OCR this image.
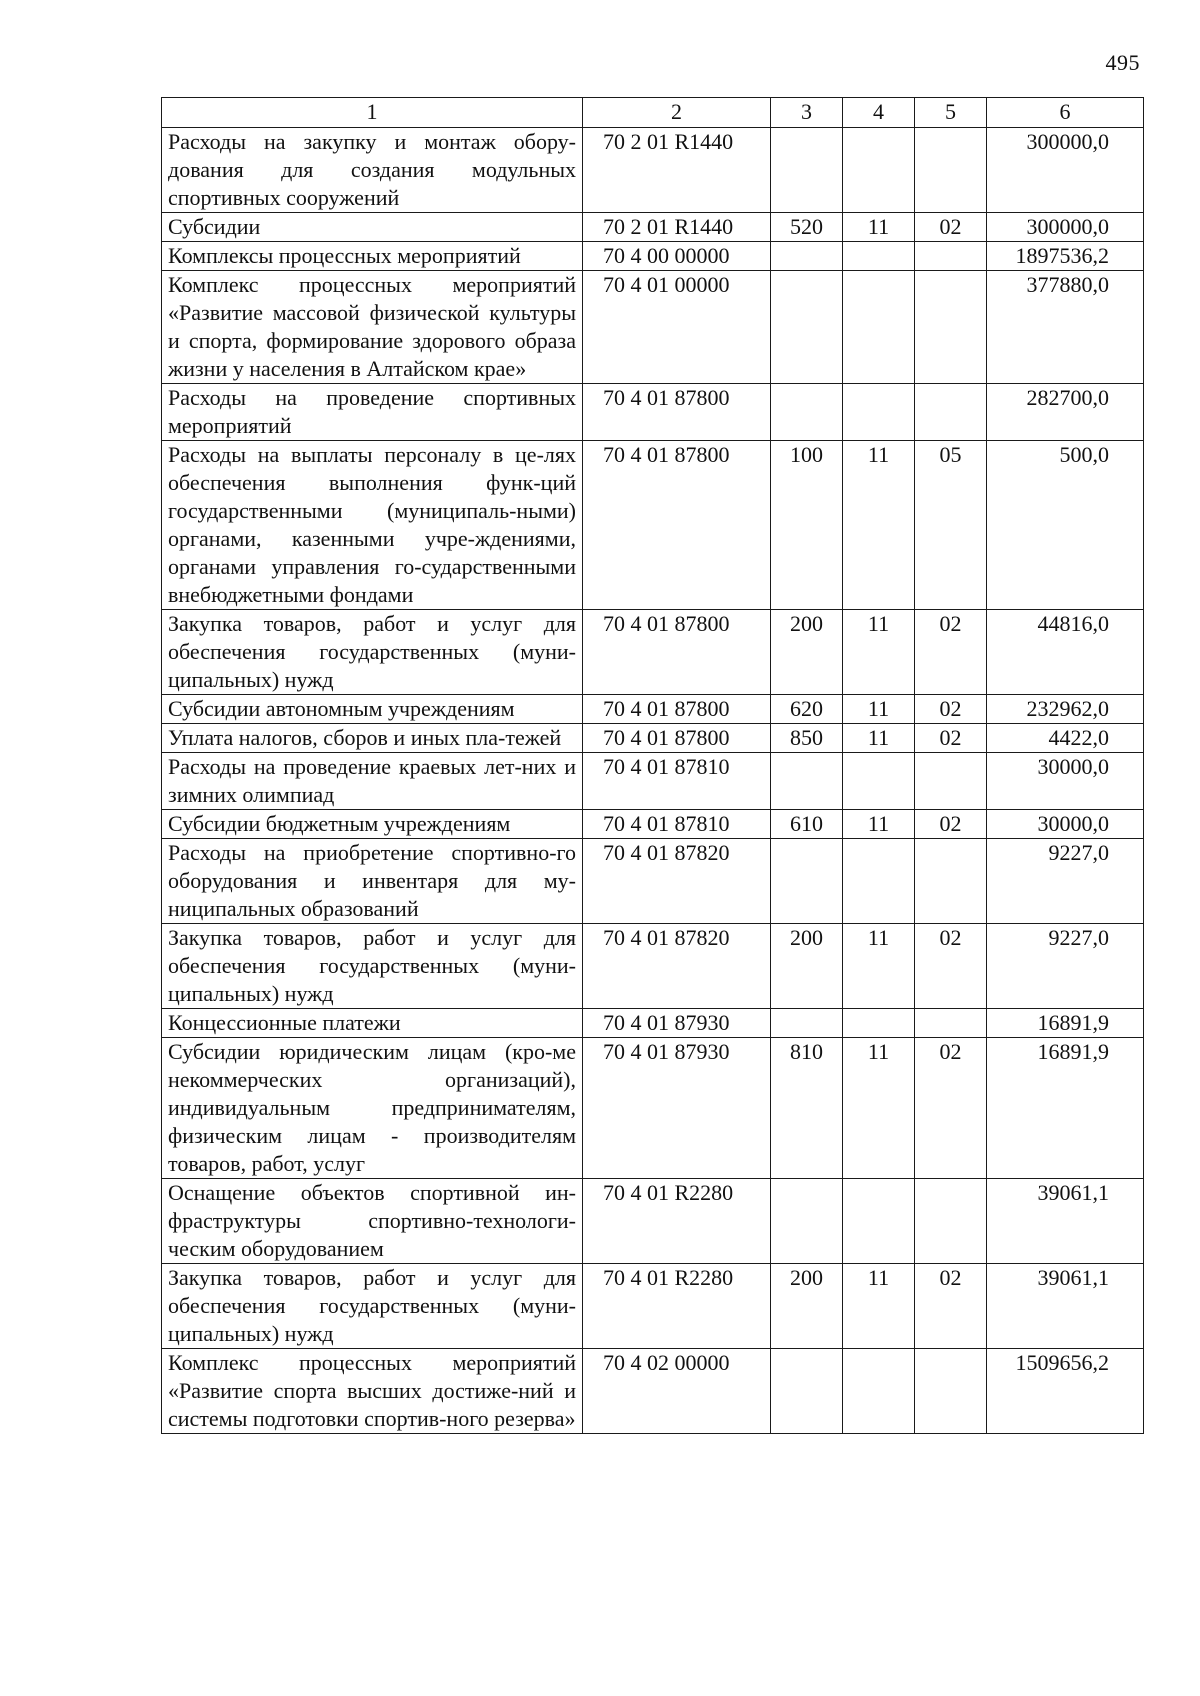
495
1	2	3	4	5	6
Расходы на закупку и монтаж обору-дования для создания модульных спортивных сооружений	70 2 01 R1440				300000,0
Субсидии	70 2 01 R1440	520	11	02	300000,0
Комплексы процессных мероприятий	70 4 00 00000				1897536,2
Комплекс процессных мероприятий «Развитие массовой физической культуры и спорта, формирование здорового образа жизни у населения в Алтайском крае»	70 4 01 00000				377880,0
Расходы на проведение спортивных мероприятий	70 4 01 87800				282700,0
Расходы на выплаты персоналу в це-лях обеспечения выполнения функ-ций государственными (муниципаль-ными) органами, казенными учре-ждениями, органами управления го-сударственными внебюджетными фондами	70 4 01 87800	100	11	05	500,0
Закупка товаров, работ и услуг для обеспечения государственных (муни-ципальных) нужд	70 4 01 87800	200	11	02	44816,0
Субсидии автономным учреждениям	70 4 01 87800	620	11	02	232962,0
Уплата налогов, сборов и иных пла-тежей	70 4 01 87800	850	11	02	4422,0
Расходы на проведение краевых лет-них и зимних олимпиад	70 4 01 87810				30000,0
Субсидии бюджетным учреждениям	70 4 01 87810	610	11	02	30000,0
Расходы на приобретение спортивно-го оборудования и инвентаря для му-ниципальных образований	70 4 01 87820				9227,0
Закупка товаров, работ и услуг для обеспечения государственных (муни-ципальных) нужд	70 4 01 87820	200	11	02	9227,0
Концессионные платежи	70 4 01 87930				16891,9
Субсидии юридическим лицам (кро-ме некоммерческих организаций), индивидуальным предпринимателям, физическим лицам - производителям товаров, работ, услуг	70 4 01 87930	810	11	02	16891,9
Оснащение объектов спортивной ин-фраструктуры спортивно-технологи-ческим оборудованием	70 4 01 R2280				39061,1
Закупка товаров, работ и услуг для обеспечения государственных (муни-ципальных) нужд	70 4 01 R2280	200	11	02	39061,1
Комплекс процессных мероприятий «Развитие спорта высших достиже-ний и системы подготовки спортив-ного резерва»	70 4 02 00000				1509656,2
